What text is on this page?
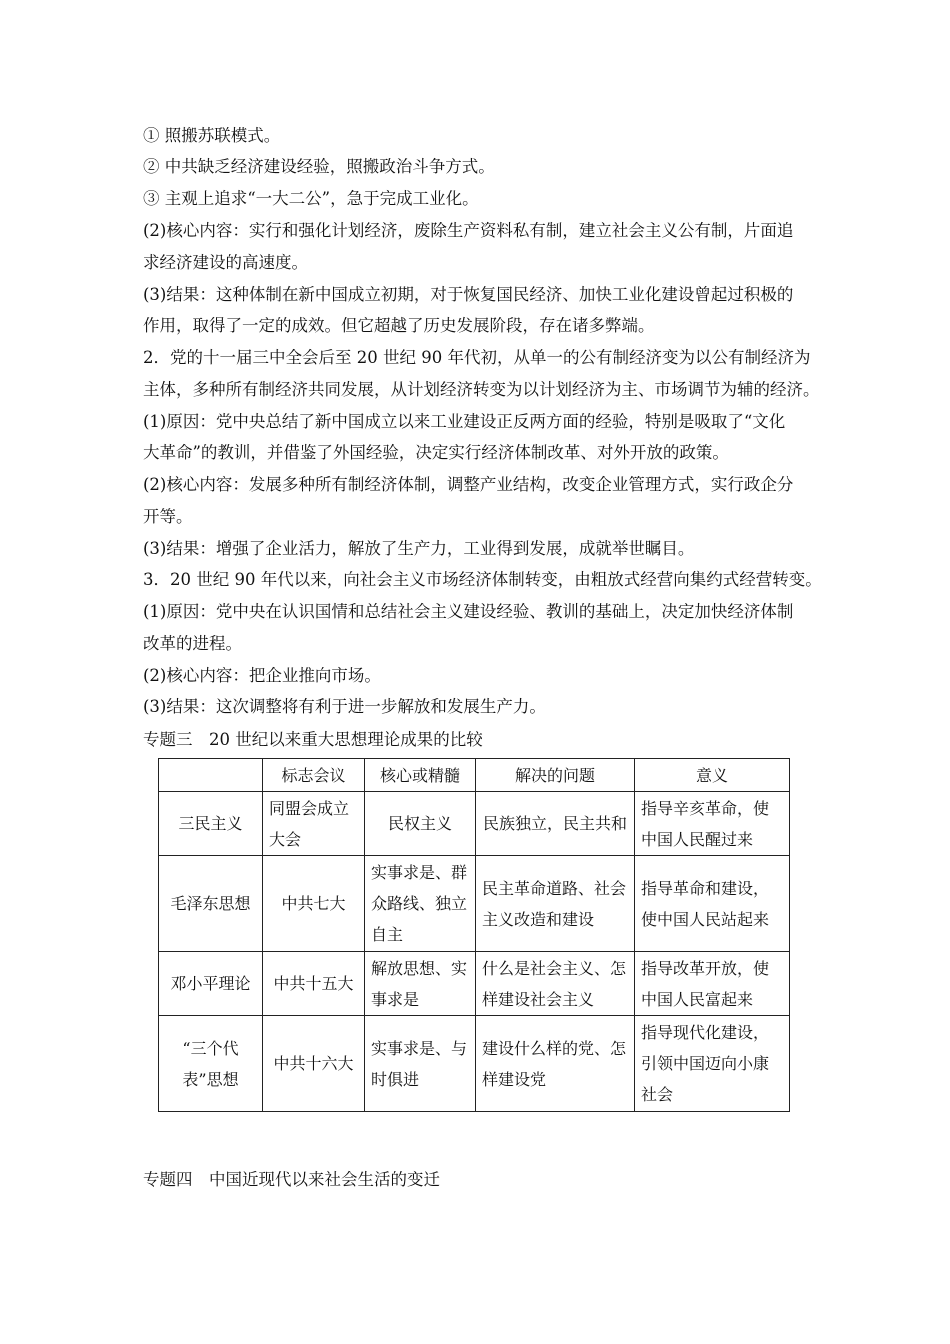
① 照搬苏联模式。
② 中共缺乏经济建设经验，照搬政治斗争方式。
③ 主观上追求“一大二公”，急于完成工业化。
(2)核心内容：实行和强化计划经济，废除生产资料私有制，建立社会主义公有制，片面追
求经济建设的高速度。
(3)结果：这种体制在新中国成立初期，对于恢复国民经济、加快工业化建设曾起过积极的
作用，取得了一定的成效。但它超越了历史发展阶段，存在诸多弊端。
2．党的十一届三中全会后至 20 世纪 90 年代初，从单一的公有制经济变为以公有制经济为
主体，多种所有制经济共同发展，从计划经济转变为以计划经济为主、市场调节为辅的经济。
(1)原因：党中央总结了新中国成立以来工业建设正反两方面的经验，特别是吸取了“文化
大革命”的教训，并借鉴了外国经验，决定实行经济体制改革、对外开放的政策。
(2)核心内容：发展多种所有制经济体制，调整产业结构，改变企业管理方式，实行政企分
开等。
(3)结果：增强了企业活力，解放了生产力，工业得到发展，成就举世瞩目。
3．20 世纪 90 年代以来，向社会主义市场经济体制转变，由粗放式经营向集约式经营转变。
(1)原因：党中央在认识国情和总结社会主义建设经验、教训的基础上，决定加快经济体制
改革的进程。
(2)核心内容：把企业推向市场。
(3)结果：这次调整将有利于进一步解放和发展生产力。
专题三　20 世纪以来重大思想理论成果的比较
	标志会议	核心或精髓	解决的问题	意义
三民主义	同盟会成立大会	民权主义	民族独立，民主共和	指导辛亥革命，使中国人民醒过来
毛泽东思想	中共七大	实事求是、群众路线、独立自主	民主革命道路、社会主义改造和建设	指导革命和建设，使中国人民站起来
邓小平理论	中共十五大	解放思想、实事求是	什么是社会主义、怎样建设社会主义	指导改革开放，使中国人民富起来
“三个代表”思想	中共十六大	实事求是、与时俱进	建设什么样的党、怎样建设党	指导现代化建设，引领中国迈向小康社会
专题四　中国近现代以来社会生活的变迁
